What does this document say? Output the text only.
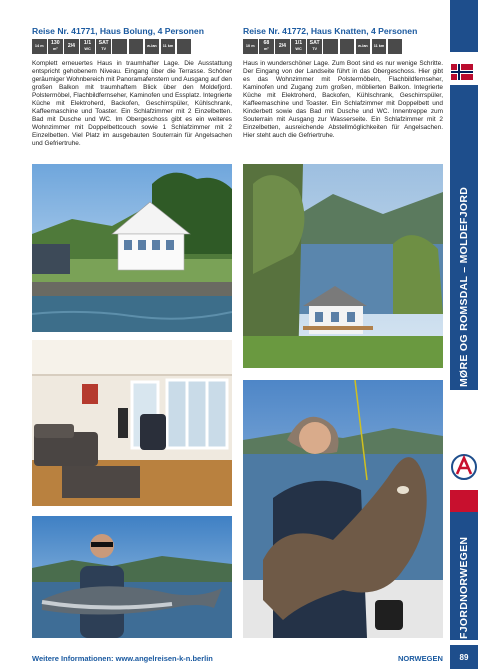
Reise Nr. 41771, Haus Bolung, 4 Personen
14 m 130
m²
2/4 1/1
WC
SAT
TV
w-lan 11 km
Komplett erneuertes Haus in traumhafter Lage. Die Ausstattung entspricht gehobenem Niveau. Eingang über die Terrasse. Schöner geräumiger Wohnbereich mit Panoramafenstern und Ausgang auf den großen Balkon mit traumhaftem Blick über den Moldefjord. Polstermöbel, Flachbildfernseher, Kaminofen und Essplatz. Integrierte Küche mit Elektroherd, Backofen, Geschirrspüler, Kühlschrank, Kaffeemaschine und Toaster. Ein Schlafzimmer mit 2 Einzelbetten. Bad mit Dusche und WC. Im Obergeschoss gibt es ein weiteres Wohnzimmer mit Doppelbettcouch sowie 1 Schlafzimmer mit 2 Einzelbetten. Viel Platz im ausgebauten Souterrain für Angelsachen und Gefriertruhe.
Reise Nr. 41772, Haus Knatten, 4 Personen
10 m 68
m²
2/4 1/1
WC
SAT
TV
w-lan 11 km
Haus in wunderschöner Lage. Zum Boot sind es nur wenige Schritte. Der Eingang von der Landseite führt in das Obergeschoss. Hier gibt es das Wohnzimmer mit Polstermöbeln, Flachbildfernseher, Kaminofen und Zugang zum großen, möblierten Balkon. Integrierte Küche mit Elektroherd, Backofen, Kühlschrank, Geschirrspüler, Kaffeemaschine und Toaster. Ein Schlafzimmer mit Doppelbett und Kinderbett sowie das Bad mit Dusche und WC. Innentreppe zum Souterrain mit Ausgang zur Wasserseite. Ein Schlafzimmer mit 2 Einzelbetten, ausreichende Abstellmöglichkeiten für Angelsachen. Hier steht auch die Gefriertruhe.
MØRE OG ROMSDAL – MOLDEFJORD
FJORDNORWEGEN
Weitere Informationen: www.angelreisen-k-n.berlin	NORWEGEN	89
